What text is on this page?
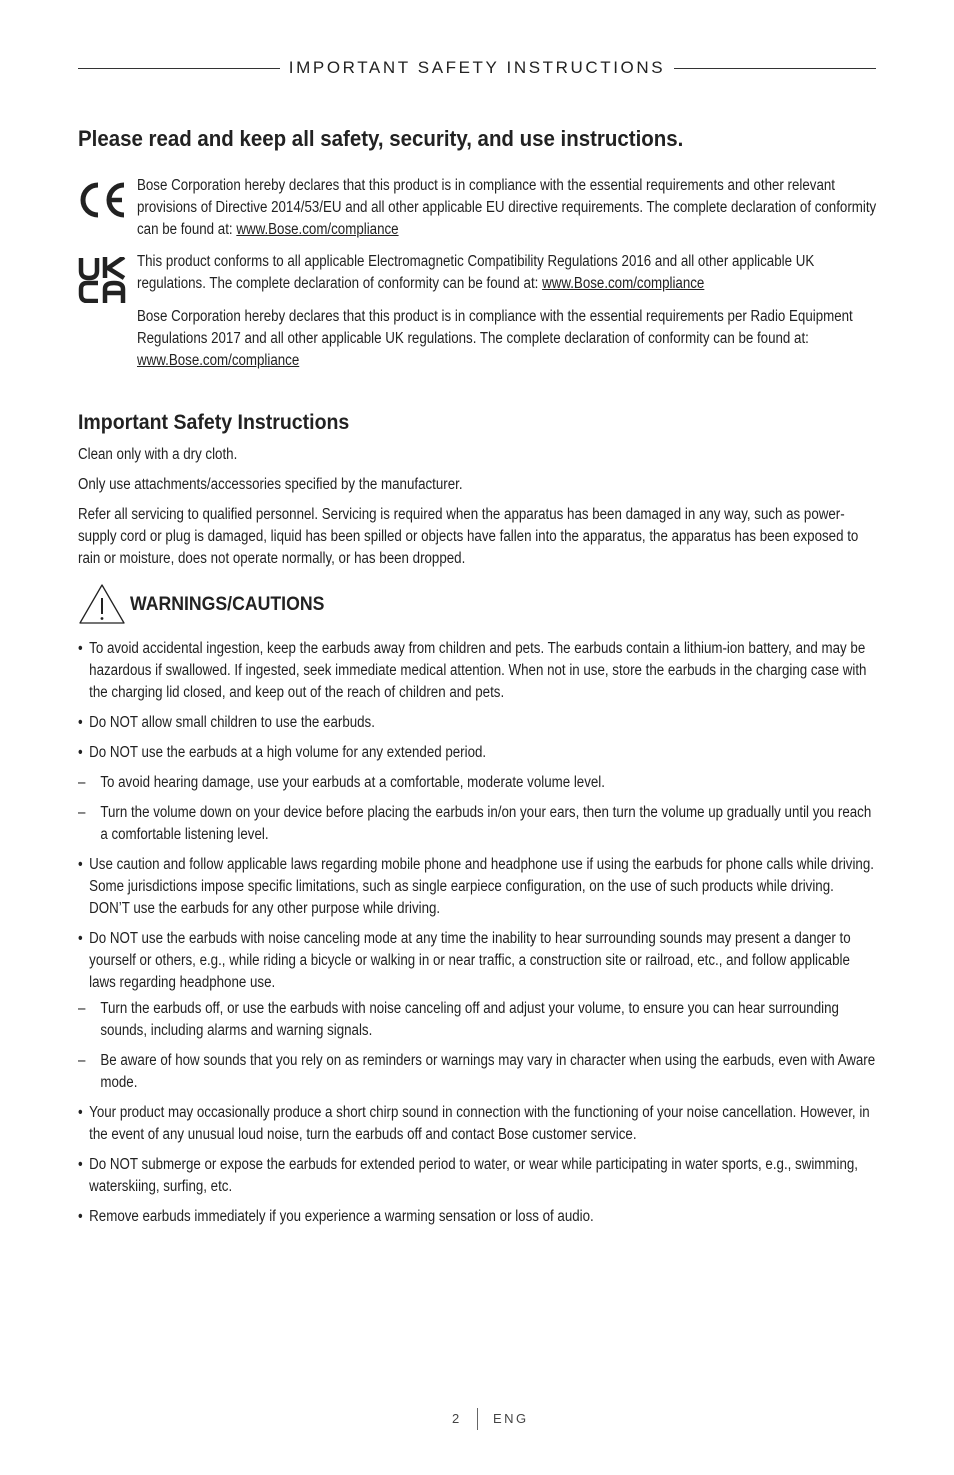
IMPORTANT SAFETY INSTRUCTIONS
Please read and keep all safety, security, and use instructions.

Bose Corporation hereby declares that this product is in compliance with the essential requirements and other relevant provisions of Directive 2014/53/EU and all other applicable EU directive requirements. The complete declaration of conformity can be found at: www.Bose.com/compliance

This product conforms to all applicable Electromagnetic Compatibility Regulations 2016 and all other applicable UK regulations. The complete declaration of conformity can be found at: www.Bose.com/compliance

Bose Corporation hereby declares that this product is in compliance with the essential requirements per Radio Equipment Regulations 2017 and all other applicable UK regulations. The complete declaration of conformity can be found at: www.Bose.com/compliance

Important Safety Instructions

Clean only with a dry cloth.

Only use attachments/accessories specified by the manufacturer.

Refer all servicing to qualified personnel. Servicing is required when the apparatus has been damaged in any way, such as power-supply cord or plug is damaged, liquid has been spilled or objects have fallen into the apparatus, the apparatus has been exposed to rain or moisture, does not operate normally, or has been dropped.

WARNINGS/CAUTIONS
• To avoid accidental ingestion, keep the earbuds away from children and pets. The earbuds contain a lithium-ion battery, and may be hazardous if swallowed. If ingested, seek immediate medical attention. When not in use, store the earbuds in the charging case with the charging lid closed, and keep out of the reach of children and pets.
• Do NOT allow small children to use the earbuds.
• Do NOT use the earbuds at a high volume for any extended period.
– To avoid hearing damage, use your earbuds at a comfortable, moderate volume level.
– Turn the volume down on your device before placing the earbuds in/on your ears, then turn the volume up gradually until you reach a comfortable listening level.
• Use caution and follow applicable laws regarding mobile phone and headphone use if using the earbuds for phone calls while driving. Some jurisdictions impose specific limitations, such as single earpiece configuration, on the use of such products while driving. DON’T use the earbuds for any other purpose while driving.
• Do NOT use the earbuds with noise canceling mode at any time the inability to hear surrounding sounds may present a danger to yourself or others, e.g., while riding a bicycle or walking in or near traffic, a construction site or railroad, etc., and follow applicable laws regarding headphone use.
– Turn the earbuds off, or use the earbuds with noise canceling off and adjust your volume, to ensure you can hear surrounding sounds, including alarms and warning signals.
– Be aware of how sounds that you rely on as reminders or warnings may vary in character when using the earbuds, even with Aware mode.
• Your product may occasionally produce a short chirp sound in connection with the functioning of your noise cancellation. However, in the event of any unusual loud noise, turn the earbuds off and contact Bose customer service.
• Do NOT submerge or expose the earbuds for extended period to water, or wear while participating in water sports, e.g., swimming, waterskiing, surfing, etc.
• Remove earbuds immediately if you experience a warming sensation or loss of audio.
2	ENG
